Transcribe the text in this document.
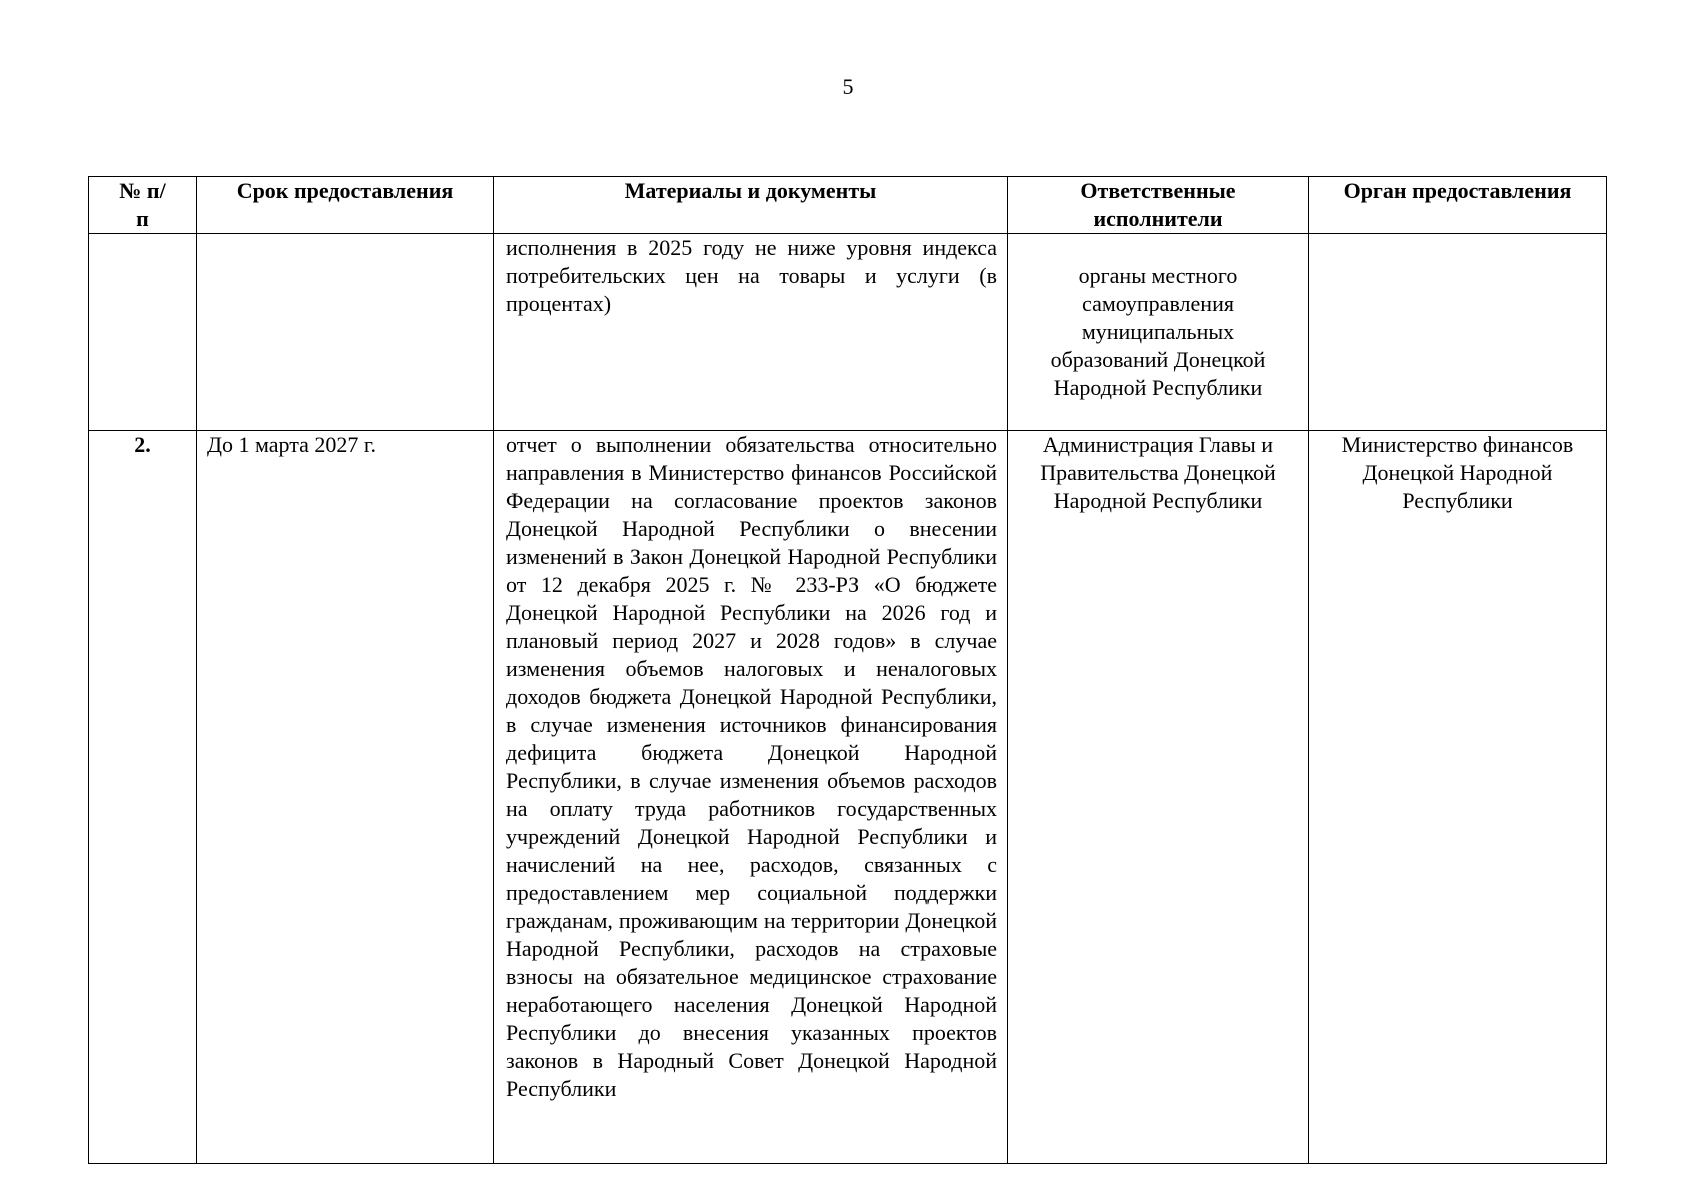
5
№ п/п	Срок предоставления	Материалы и документы	Ответственные исполнители	Орган предоставления

		исполнения в 2025 году не ниже уровня индекса потребительских цен на товары и услуги (в процентах)	органы местного самоуправления муниципальных образований Донецкой Народной Республики	
2.	До 1 марта 2027 г.	отчет о выполнении обязательства относительно направления в Министерство финансов Российской Федерации на согласование проектов законов Донецкой Народной Республики о внесении изменений в Закон Донецкой Народной Республики от 12 декабря 2025 г. № 233-РЗ «О бюджете Донецкой Народной Республики на 2026 год и плановый период 2027 и 2028 годов» в случае изменения объемов налоговых и неналоговых доходов бюджета Донецкой Народной Республики, в случае изменения источников финансирования дефицита бюджета Донецкой Народной Республики, в случае изменения объемов расходов на оплату труда работников государственных учреждений Донецкой Народной Республики и начислений на нее, расходов, связанных с предоставлением мер социальной поддержки гражданам, проживающим на территории Донецкой Народной Республики, расходов на страховые взносы на обязательное медицинское страхование неработающего населения Донецкой Народной Республики до внесения указанных проектов законов в Народный Совет Донецкой Народной Республики	Администрация Главы и Правительства Донецкой Народной Республики	Министерство финансов Донецкой Народной Республики
